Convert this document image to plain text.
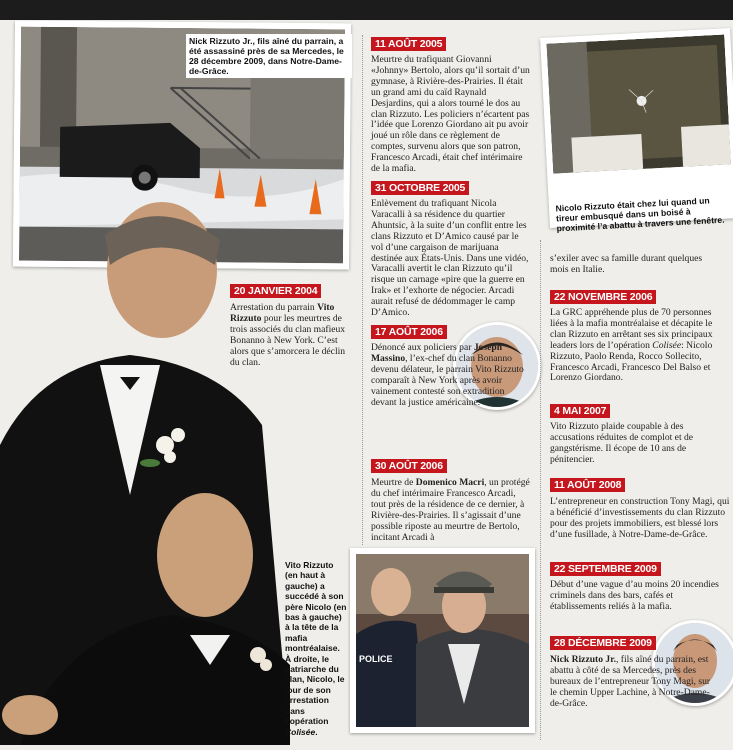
Nick Rizzuto Jr., fils aîné du parrain, a été assassiné près de sa Mercedes, le 28 décembre 2009, dans Notre-Dame-de-Grâce.
Nicolo Rizzuto était chez lui quand un tireur embusqué dans un boisé à proximité l’a abattu à travers une fenêtre.
POLICE
Vito Rizzuto (en haut à gauche) a succédé à son père Nicolo (en bas à gauche) à la tête de la mafia montréalaise. À droite, le patriarche du clan, Nicolo, le jour de son arrestation dans l’opération Colisée.
20 JANVIER 2004
Arrestation du parrain Vito Rizzuto pour les meurtres de trois associés du clan mafieux Bonanno à New York. C’est alors que s’amorcera le déclin du clan.
11 AOÛT 2005
Meurtre du trafiquant Giovanni «Johnny» Bertolo, alors qu’il sortait d’un gymnase, à Rivière-des-Prairies. Il était un grand ami du caïd Raynald Desjardins, qui a alors tourné le dos au clan Rizzuto. Les policiers n’écartent pas l’idée que Lorenzo Giordano ait pu avoir joué un rôle dans ce règlement de comptes, survenu alors que son patron, Francesco Arcadi, était chef intérimaire de la mafia.
31 OCTOBRE 2005
Enlèvement du trafiquant Nicola Varacalli à sa résidence du quartier Ahuntsic, à la suite d’un conflit entre les clans Rizzuto et D’Amico causé par le vol d’une cargaison de marijuana destinée aux États-Unis. Dans une vidéo, Varacalli avertit le clan Rizzuto qu’il risque un carnage «pire que la guerre en Irak» et l’exhorte de négocier. Arcadi aurait refusé de dédommager le camp D’Amico.
17 AOÛT 2006
Dénoncé aux policiers par Joseph Massino, l’ex-chef du clan Bonanno devenu délateur, le parrain Vito Rizzuto comparaît à New York après avoir vainement contesté son extradition devant la justice américaine.
30 AOÛT 2006
Meurtre de Domenico Macri, un protégé du chef intérimaire Francesco Arcadi, tout près de la résidence de ce dernier, à Rivière-des-Prairies. Il s’agissait d’une possible riposte au meurtre de Bertolo, incitant Arcadi à
s’exiler avec sa famille durant quelques mois en Italie.
22 NOVEMBRE 2006
La GRC appréhende plus de 70 personnes liées à la mafia montréalaise et décapite le clan Rizzuto en arrêtant ses six principaux leaders lors de l’opération Colisée: Nicolo Rizzuto, Paolo Renda, Rocco Sollecito, Francesco Arcadi, Francesco Del Balso et Lorenzo Giordano.
4 MAI 2007
Vito Rizzuto plaide coupable à des accusations réduites de complot et de gangstérisme. Il écope de 10 ans de pénitencier.
11 AOÛT 2008
L’entrepreneur en construction Tony Magi, qui a bénéficié d’investissements du clan Rizzuto pour des projets immobiliers, est blessé lors d’une fusillade, à Notre-Dame-de-Grâce.
22 SEPTEMBRE 2009
Début d’une vague d’au moins 20 incendies criminels dans des bars, cafés et établissements reliés à la mafia.
28 DÉCEMBRE 2009
Nick Rizzuto Jr., fils aîné du parrain, est abattu à côté de sa Mercedes, près des bureaux de l’entrepreneur Tony Magi, sur le chemin Upper Lachine, à Notre-Dame-de-Grâce.
